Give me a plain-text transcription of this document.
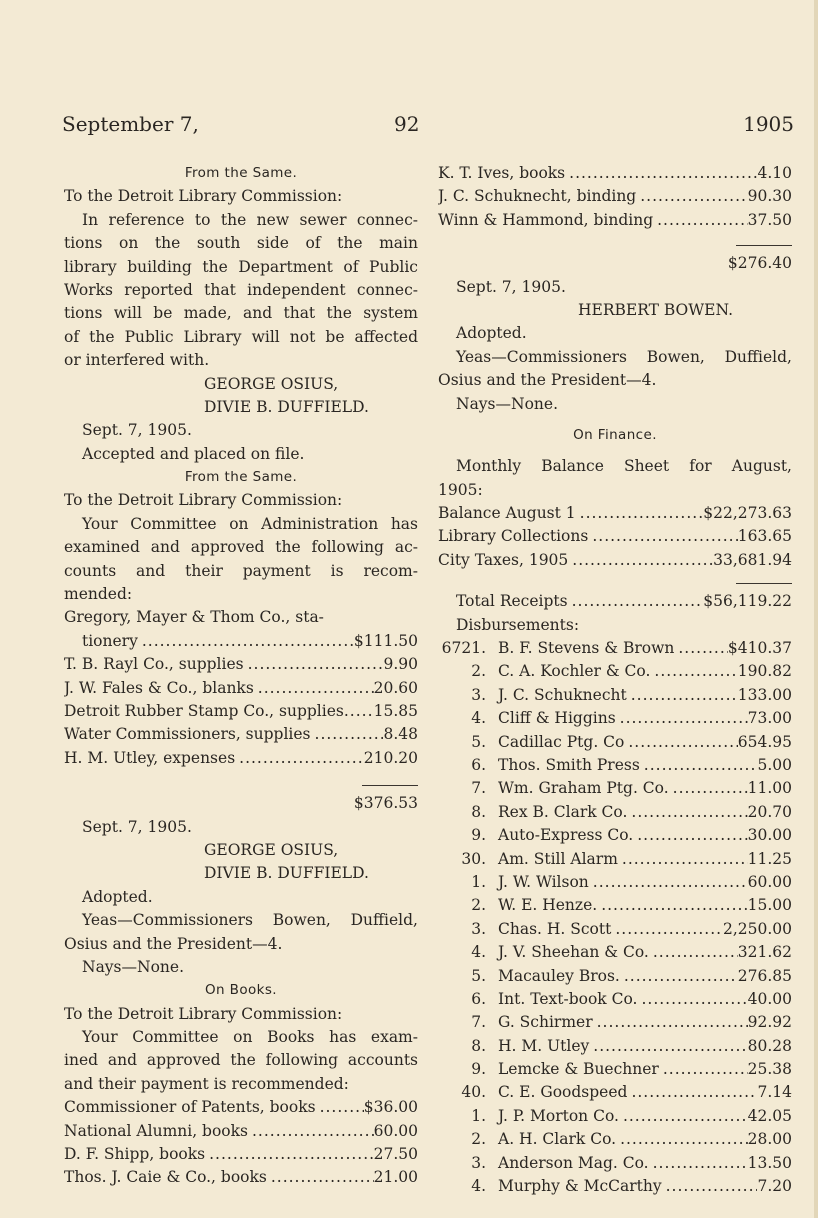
September 7,	92	1905
From the Same.
To the Detroit Library Commission:
In reference to the new sewer connec-
tions on the south side of the main
library building the Department of Public
Works reported that independent connec-
tions will be made, and that the system
of the Public Library will not be affected
or interfered with.
GEORGE OSIUS,
DIVIE B. DUFFIELD.
Sept. 7, 1905.
Accepted and placed on file.
From the Same.
To the Detroit Library Commission:
Your Committee on Administration has
examined and approved the following ac-
counts and their payment is recom-
mended:
Gregory, Mayer & Thom Co., sta-
tionery .....	$111.50
T. B. Rayl Co., supplies .....	9.90
J. W. Fales & Co., blanks .....	20.60
Detroit Rubber Stamp Co., supplies ..... 15.85
Water Commissioners, supplies .....	8.48
H. M. Utley, expenses .....	210.20
$376.53
Sept. 7, 1905.
GEORGE OSIUS,
DIVIE B. DUFFIELD.
Adopted.
Yeas—Commissioners Bowen, Duffield,
Osius and the President—4.
Nays—None.
On Books.
To the Detroit Library Commission:
Your Committee on Books has exam-
ined and approved the following accounts
and their payment is recommended:
Commissioner of Patents, books .....	$36.00
National Alumni, books .....	60.00
D. F. Shipp, books .....	27.50
Thos. J. Caie & Co., books .....	21.00
K. T. Ives, books .....	4.10
J. C. Schuknecht, binding .....	90.30
Winn & Hammond, binding .....	37.50
$276.40
Sept. 7, 1905.
HERBERT BOWEN.
Adopted.
Yeas—Commissioners Bowen, Duffield,
Osius and the President—4.
Nays—None.
On Finance.
Monthly Balance Sheet for August,
1905:
Balance August 1 .....	$22,273.63
Library Collections .....	163.65
City Taxes, 1905 .....	33,681.94
Total Receipts .....	$56,119.22
Disbursements:
6721. B. F. Stevens & Brown .....	$410.37
2. C. A. Kochler & Co. .....	190.82
3. J. C. Schuknecht .....	133.00
4. Cliff & Higgins .....	73.00
5. Cadillac Ptg. Co .....	654.95
6. Thos. Smith Press .....	5.00
7. Wm. Graham Ptg. Co. .....	11.00
8. Rex B. Clark Co. .....	20.70
9. Auto-Express Co. .....	30.00
30. Am. Still Alarm .....	11.25
1. J. W. Wilson .....	60.00
2. W. E. Henze. .....	15.00
3. Chas. H. Scott .....	2,250.00
4. J. V. Sheehan & Co. .....	321.62
5. Macauley Bros. .....	276.85
6. Int. Text-book Co. .....	40.00
7. G. Schirmer .....	92.92
8. H. M. Utley .....	80.28
9. Lemcke & Buechner .....	25.38
40. C. E. Goodspeed .....	7.14
1. J. P. Morton Co. .....	42.05
2. A. H. Clark Co. .....	28.00
3. Anderson Mag. Co. .....	13.50
4. Murphy & McCarthy .....	7.20
